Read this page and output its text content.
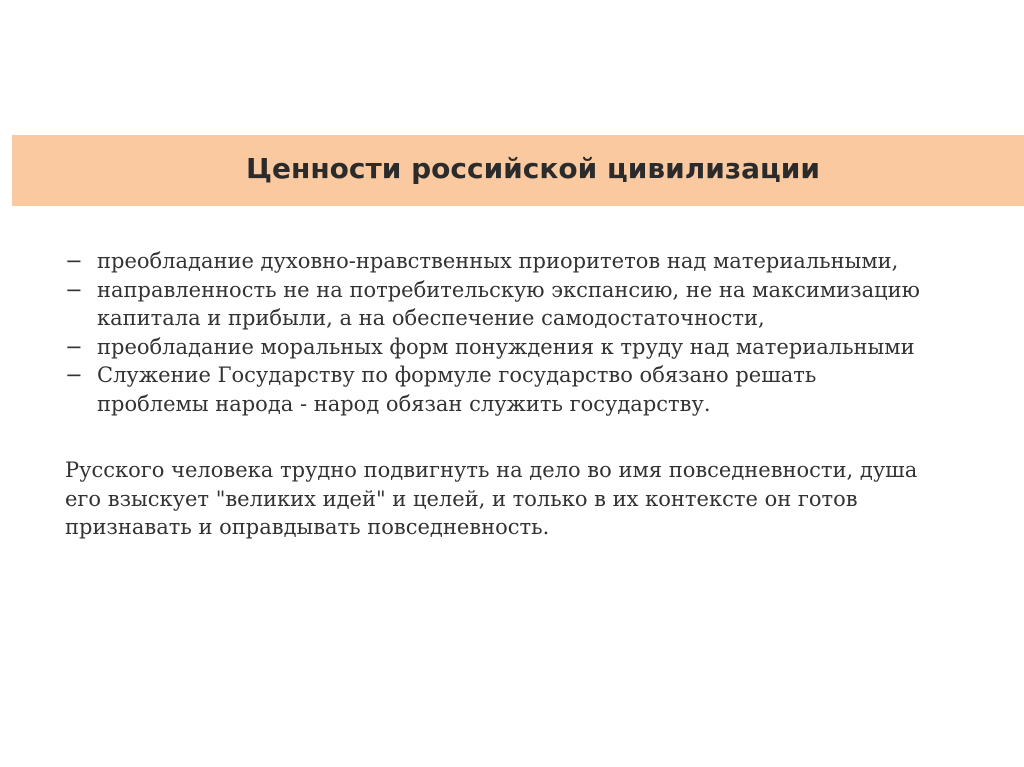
Ценности российской цивилизации
− преобладание духовно-нравственных приоритетов над материальными,
− направленность не на потребительскую экспансию, не на максимизацию
капитала и прибыли, а на обеспечение самодостаточности,
− преобладание моральных форм понуждения к труду над материальными
− Служение Государству по формуле государство обязано решать
проблемы народа - народ обязан служить государству.

Русского человека трудно подвигнуть на дело во имя повседневности, душа
его взыскует "великих идей" и целей, и только в их контексте он готов
признавать и оправдывать повседневность.
